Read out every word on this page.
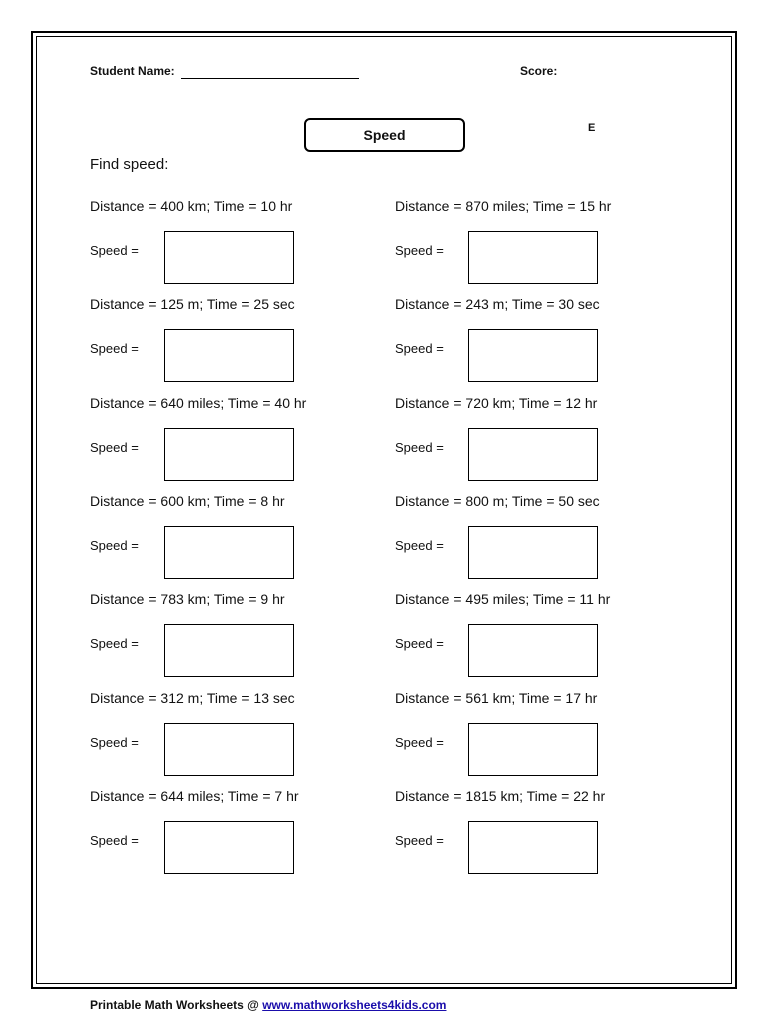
Student Name:	Score:
Speed	E
Find speed:
Distance = 400 km; Time = 10 hr
Speed =
Distance = 870 miles; Time = 15 hr
Speed =
Distance = 125 m; Time = 25 sec
Speed =
Distance = 243 m; Time = 30 sec
Speed =
Distance = 640 miles; Time = 40 hr
Speed =
Distance = 720 km; Time = 12 hr
Speed =
Distance = 600 km; Time = 8 hr
Speed =
Distance = 800 m; Time = 50 sec
Speed =
Distance = 783 km; Time = 9 hr
Speed =
Distance = 495 miles; Time = 11 hr
Speed =
Distance = 312 m; Time = 13 sec
Speed =
Distance = 561 km; Time = 17 hr
Speed =
Distance = 644 miles; Time = 7 hr
Speed =
Distance = 1815 km; Time = 22 hr
Speed =
Printable Math Worksheets @ www.mathworksheets4kids.com
